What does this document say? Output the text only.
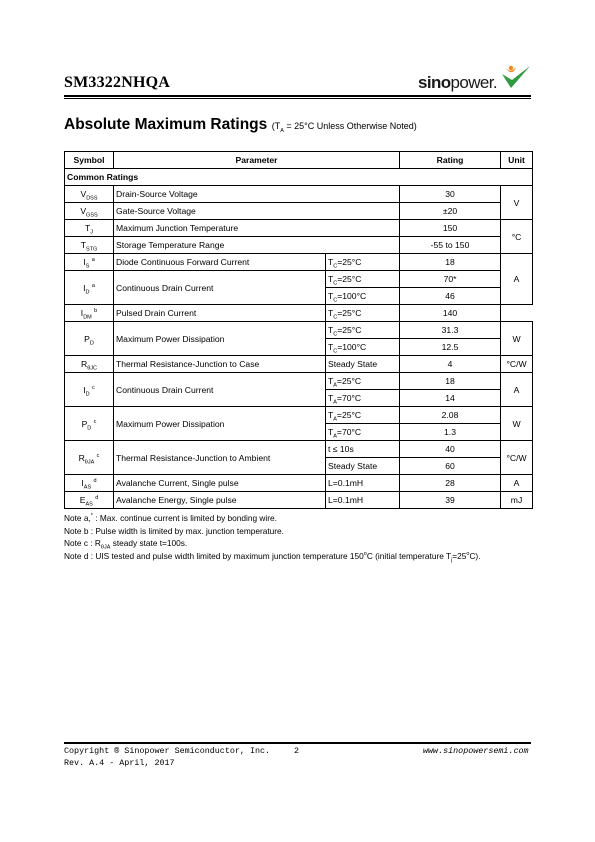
SM3322NHQA	sinopower.
Absolute Maximum Ratings ($T_A = 25^\circ C$ Unless Otherwise Noted)
Symbol	Parameter		Rating	Unit
Common Ratings				
$V_{DSS}$	Drain-Source Voltage		30	V
$V_{GSS}$	Gate-Source Voltage		±20	
$T_J$	Maximum Junction Temperature		150	°C
$T_{STG}$	Storage Temperature Range		-55 to 150	
$I_S$ $^a$	Diode Continuous Forward Current	$T_C=25^\circ C$	18	A
$I_D$ $^a$	Continuous Drain Current	$T_C=25^\circ C$	70*	
		$T_C=100^\circ C$	46	
$I_{DM}$ $^b$	Pulsed Drain Current	$T_C=25^\circ C$	140	
$P_D$	Maximum Power Dissipation	$T_C=25^\circ C$	31.3	W
		$T_C=100^\circ C$	12.5	
$R_{\theta JC}$	Thermal Resistance-Junction to Case	Steady State	4	°C/W
$I_D$ $^c$	Continuous Drain Current	$T_A=25^\circ C$	18	A
		$T_A=70^\circ C$	14	
$P_D$ $^c$	Maximum Power Dissipation	$T_A=25^\circ C$	2.08	W
		$T_A=70^\circ C$	1.3	
$R_{\theta JA}$ $^c$	Thermal Resistance-Junction to Ambient	t ≤ 10s	40	°C/W
		Steady State	60	
$I_{AS}$ $^d$	Avalanche Current, Single pulse	L=0.1mH	28	A
$E_{AS}$ $^d$	Avalanche Energy, Single pulse	L=0.1mH	39	mJ
Note a,* : Max. continue current is limited by bonding wire.
Note b : Pulse width is limited by max. junction temperature.
Note c : $R_{\theta JA}$ steady state t=100s.
Note d : UIS tested and pulse width limited by maximum junction temperature 150$^o$C (initial temperature $T_j=25^oC$).
Copyright ® Sinopower Semiconductor, Inc.	2	www.sinopowersemi.com
Rev. A.4 - April, 2017
